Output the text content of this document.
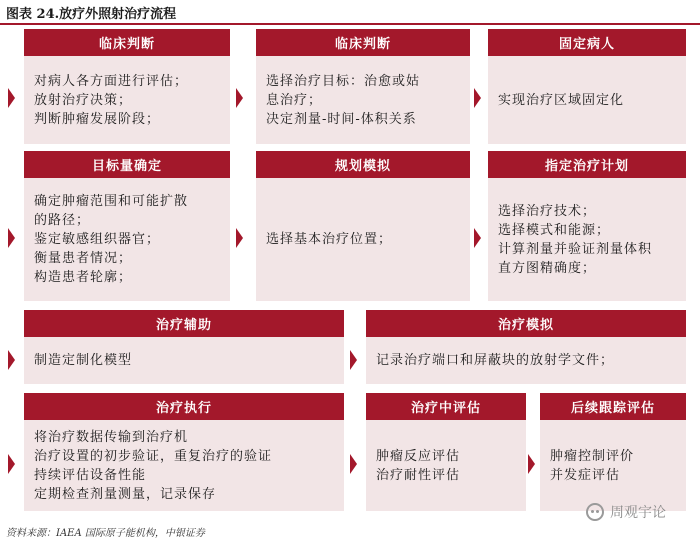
图表 24.放疗外照射治疗流程
临床判断
对病人各方面进行评估；
放射治疗决策；
判断肿瘤发展阶段；
临床判断
选择治疗目标：治愈或姑
息治疗；
决定剂量-时间-体积关系
固定病人
实现治疗区域固定化
目标量确定
确定肿瘤范围和可能扩散
的路径；
鉴定敏感组织器官；
衡量患者情况；
构造患者轮廓；
规划模拟
选择基本治疗位置；
指定治疗计划
选择治疗技术；
选择模式和能源；
计算剂量并验证剂量体积
直方图精确度；
治疗辅助
制造定制化模型
治疗模拟
记录治疗端口和屏蔽块的放射学文件；
治疗执行
将治疗数据传输到治疗机
治疗设置的初步验证，重复治疗的验证
持续评估设备性能
定期检查剂量测量，记录保存
治疗中评估
肿瘤反应评估
治疗耐性评估
后续跟踪评估
肿瘤控制评价
并发症评估
资料来源：IAEA 国际原子能机构，中银证券
周观宇论
